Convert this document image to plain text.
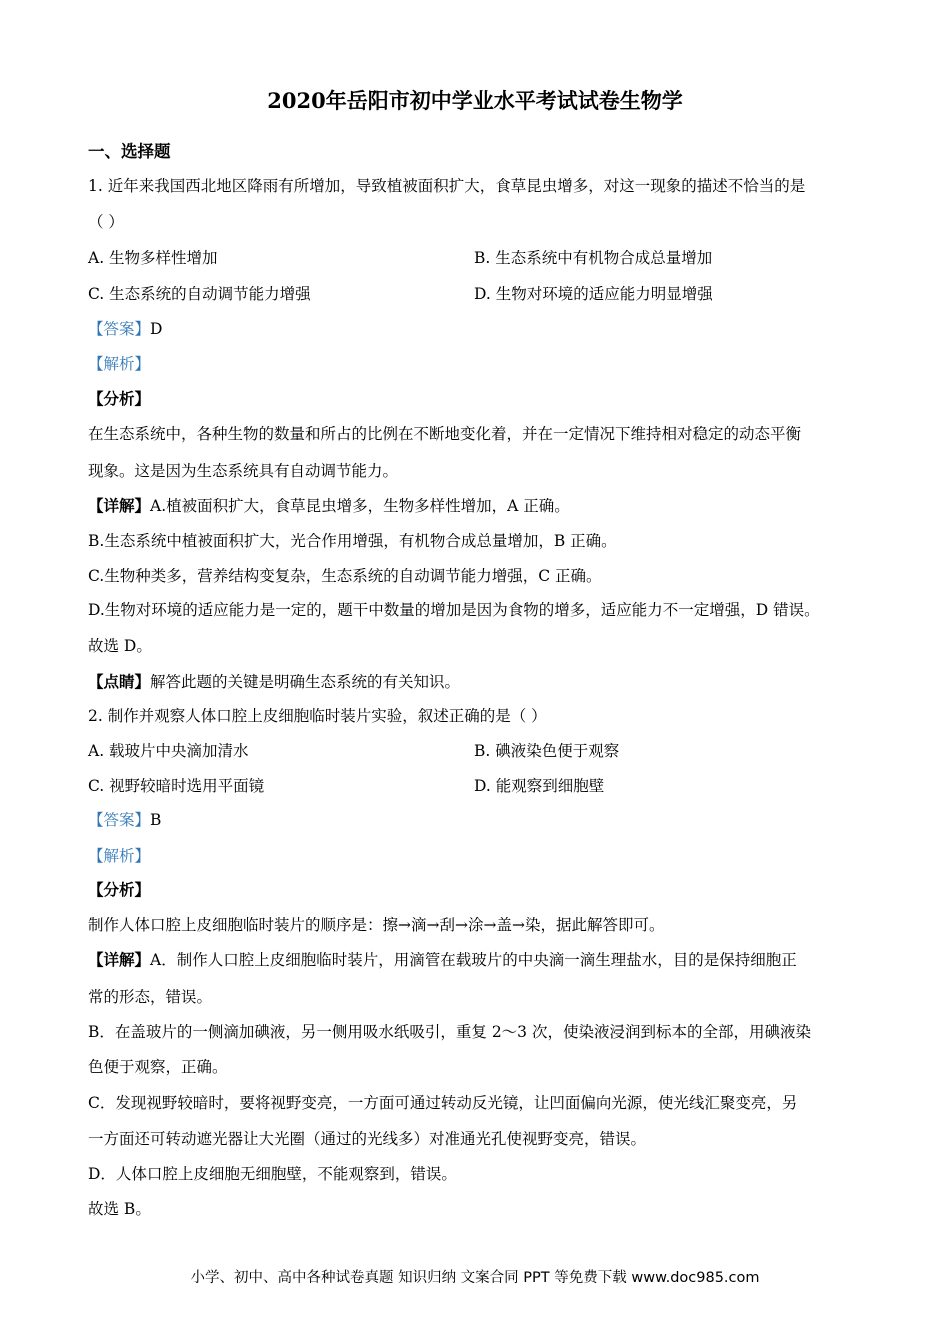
2020年岳阳市初中学业水平考试试卷生物学
一、选择题
1. 近年来我国西北地区降雨有所增加，导致植被面积扩大，食草昆虫增多，对这一现象的描述不恰当的是
（ ）
A. 生物多样性增加	B. 生态系统中有机物合成总量增加
C. 生态系统的自动调节能力增强	D. 生物对环境的适应能力明显增强
【答案】D
【解析】
【分析】
在生态系统中，各种生物的数量和所占的比例在不断地变化着，并在一定情况下维持相对稳定的动态平衡
现象。这是因为生态系统具有自动调节能力。
【详解】A.植被面积扩大，食草昆虫增多，生物多样性增加，A 正确。
B.生态系统中植被面积扩大，光合作用增强，有机物合成总量增加，B 正确。
C.生物种类多，营养结构变复杂，生态系统的自动调节能力增强，C 正确。
D.生物对环境的适应能力是一定的，题干中数量的增加是因为食物的增多，适应能力不一定增强，D 错误。
故选 D。
【点睛】解答此题的关键是明确生态系统的有关知识。
2. 制作并观察人体口腔上皮细胞临时装片实验，叙述正确的是（ ）
A. 载玻片中央滴加清水	B. 碘液染色便于观察
C. 视野较暗时选用平面镜	D. 能观察到细胞壁
【答案】B
【解析】
【分析】
制作人体口腔上皮细胞临时装片的顺序是：擦→滴→刮→涂→盖→染，据此解答即可。
【详解】A．制作人口腔上皮细胞临时装片，用滴管在载玻片的中央滴一滴生理盐水，目的是保持细胞正
常的形态，错误。
B．在盖玻片的一侧滴加碘液，另一侧用吸水纸吸引，重复 2～3 次，使染液浸润到标本的全部，用碘液染
色便于观察，正确。
C．发现视野较暗时，要将视野变亮，一方面可通过转动反光镜，让凹面偏向光源，使光线汇聚变亮，另
一方面还可转动遮光器让大光圈（通过的光线多）对准通光孔使视野变亮，错误。
D．人体口腔上皮细胞无细胞壁，不能观察到，错误。
故选 B。
小学、初中、高中各种试卷真题 知识归纳 文案合同 PPT 等免费下载 www.doc985.com
